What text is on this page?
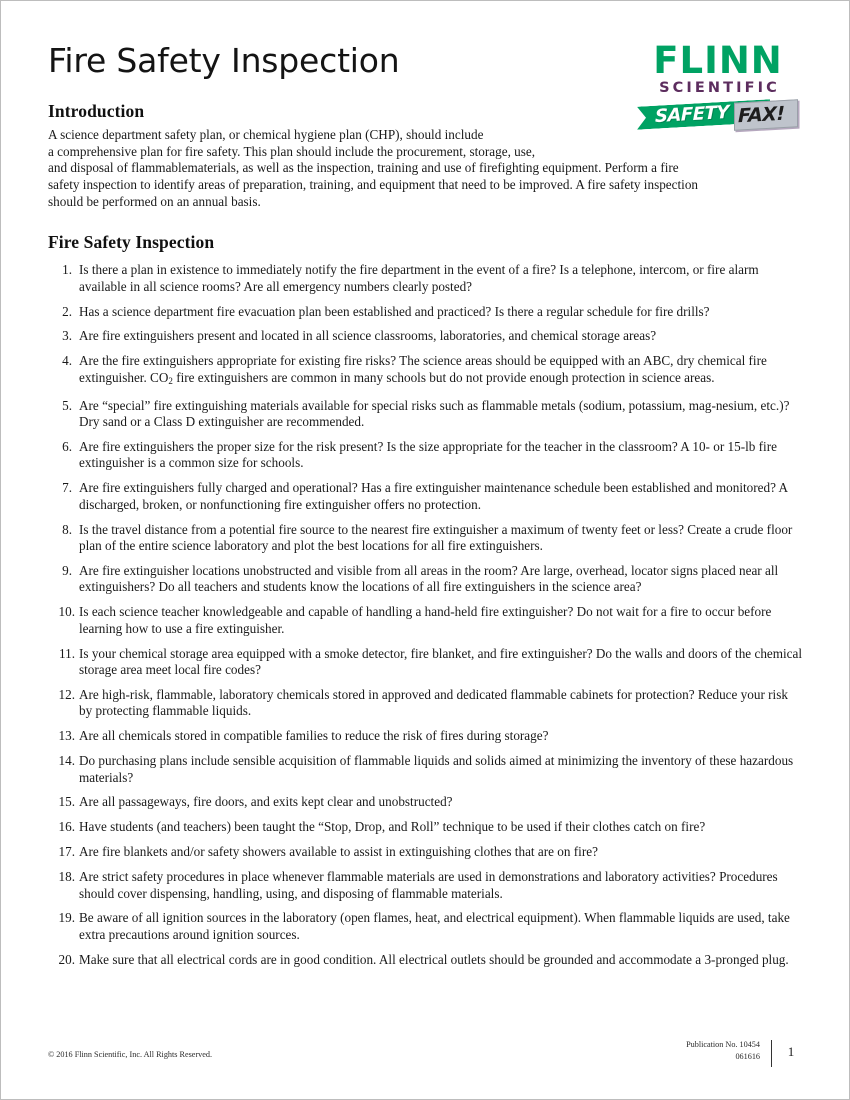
FLINN
SCIENTIFIC
SAFETY FAX!
Fire Safety Inspection
Introduction

A science department safety plan, or chemical hygiene plan (CHP), should include
a comprehensive plan for fire safety. This plan should include the procurement, storage, use,
and disposal of flammablematerials, as well as the inspection, training and use of firefighting equipment. Perform a fire
safety inspection to identify areas of preparation, training, and equipment that need to be improved. A fire safety inspection
should be performed on an annual basis.

Fire Safety Inspection
1. Is there a plan in existence to immediately notify the fire department in the event of a fire? Is a telephone, intercom, or fire alarm available in all science rooms? Are all emergency numbers clearly posted?
2. Has a science department fire evacuation plan been established and practiced? Is there a regular schedule for fire drills?
3. Are fire extinguishers present and located in all science classrooms, laboratories, and chemical storage areas?
4. Are the fire extinguishers appropriate for existing fire risks? The science areas should be equipped with an ABC, dry chemical fire extinguisher. $CO_2$ fire extinguishers are common in many schools but do not provide enough protection in science areas.
5. Are “special” fire extinguishing materials available for special risks such as flammable metals (sodium, potassium, mag-nesium, etc.)? Dry sand or a Class D extinguisher are recommended.
6. Are fire extinguishers the proper size for the risk present? Is the size appropriate for the teacher in the classroom? A 10- or 15-lb fire extinguisher is a common size for schools.
7. Are fire extinguishers fully charged and operational? Has a fire extinguisher maintenance schedule been established and monitored? A discharged, broken, or nonfunctioning fire extinguisher offers no protection.
8. Is the travel distance from a potential fire source to the nearest fire extinguisher a maximum of twenty feet or less? Create a crude floor plan of the entire science laboratory and plot the best locations for all fire extinguishers.
9. Are fire extinguisher locations unobstructed and visible from all areas in the room? Are large, overhead, locator signs placed near all extinguishers? Do all teachers and students know the locations of all fire extinguishers in the science area?
10. Is each science teacher knowledgeable and capable of handling a hand-held fire extinguisher? Do not wait for a fire to occur before learning how to use a fire extinguisher.
11. Is your chemical storage area equipped with a smoke detector, fire blanket, and fire extinguisher? Do the walls and doors of the chemical storage area meet local fire codes?
12. Are high-risk, flammable, laboratory chemicals stored in approved and dedicated flammable cabinets for protection? Reduce your risk by protecting flammable liquids.
13. Are all chemicals stored in compatible families to reduce the risk of fires during storage?
14. Do purchasing plans include sensible acquisition of flammable liquids and solids aimed at minimizing the inventory of these hazardous materials?
15. Are all passageways, fire doors, and exits kept clear and unobstructed?
16. Have students (and teachers) been taught the “Stop, Drop, and Roll” technique to be used if their clothes catch on fire?
17. Are fire blankets and/or safety showers available to assist in extinguishing clothes that are on fire?
18. Are strict safety procedures in place whenever flammable materials are used in demonstrations and laboratory activities? Procedures should cover dispensing, handling, using, and disposing of flammable materials.
19. Be aware of all ignition sources in the laboratory (open flames, heat, and electrical equipment). When flammable liquids are used, take extra precautions around ignition sources.
20. Make sure that all electrical cords are in good condition. All electrical outlets should be grounded and accommodate a 3-pronged plug.
© 2016 Flinn Scientific, Inc. All Rights Reserved.
Publication No. 10454
061616	1
